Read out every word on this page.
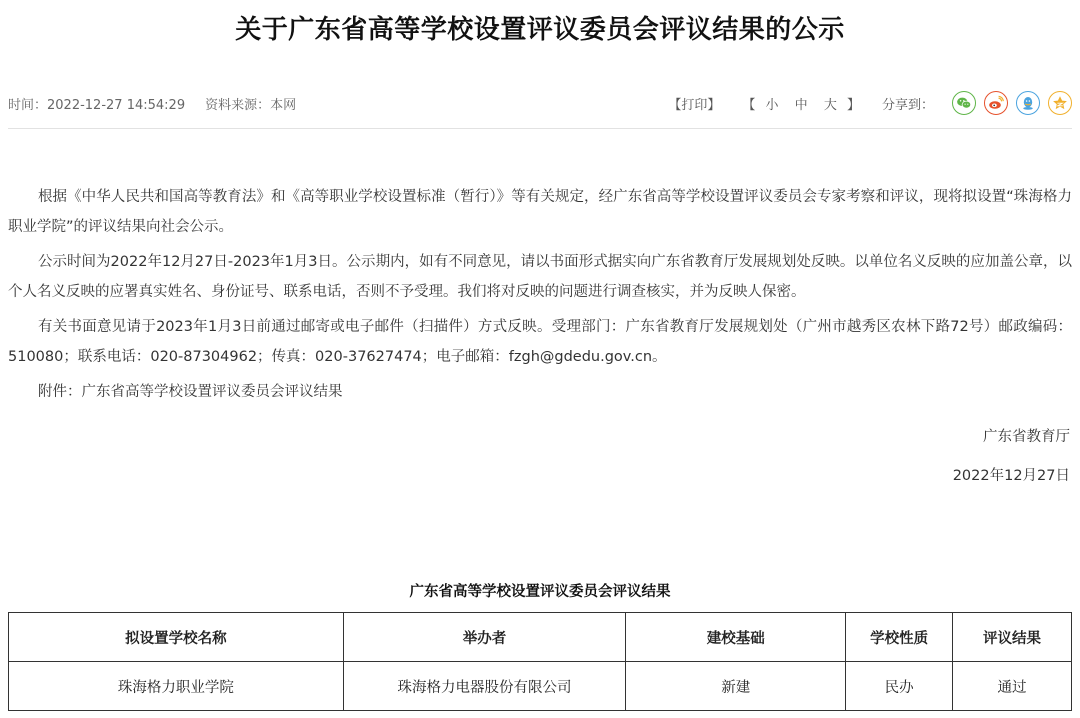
关于广东省高等学校设置评议委员会评议结果的公示
时间：2022-12-27 14:54:29 资料来源：本网	【打印】 【 小 中 大 】 分享到：

根据《中华人民共和国高等教育法》和《高等职业学校设置标准（暂行）》等有关规定，经广东省高等学校设置评议委员会专家考察和评议，现将拟设置“珠海格力职业学院”的评议结果向社会公示。

公示时间为2022年12月27日-2023年1月3日。公示期内，如有不同意见，请以书面形式据实向广东省教育厅发展规划处反映。以单位名义反映的应加盖公章，以个人名义反映的应署真实姓名、身份证号、联系电话，否则不予受理。我们将对反映的问题进行调查核实，并为反映人保密。

有关书面意见请于2023年1月3日前通过邮寄或电子邮件（扫描件）方式反映。受理部门：广东省教育厅发展规划处（广州市越秀区农林下路72号）邮政编码：510080；联系电话：020-87304962；传真：020-37627474；电子邮箱：fzgh@gdedu.gov.cn。

附件：广东省高等学校设置评议委员会评议结果

广东省教育厅
2022年12月27日
广东省高等学校设置评议委员会评议结果
拟设置学校名称	举办者	建校基础	学校性质	评议结果
珠海格力职业学院	珠海格力电器股份有限公司	新建	民办	通过
